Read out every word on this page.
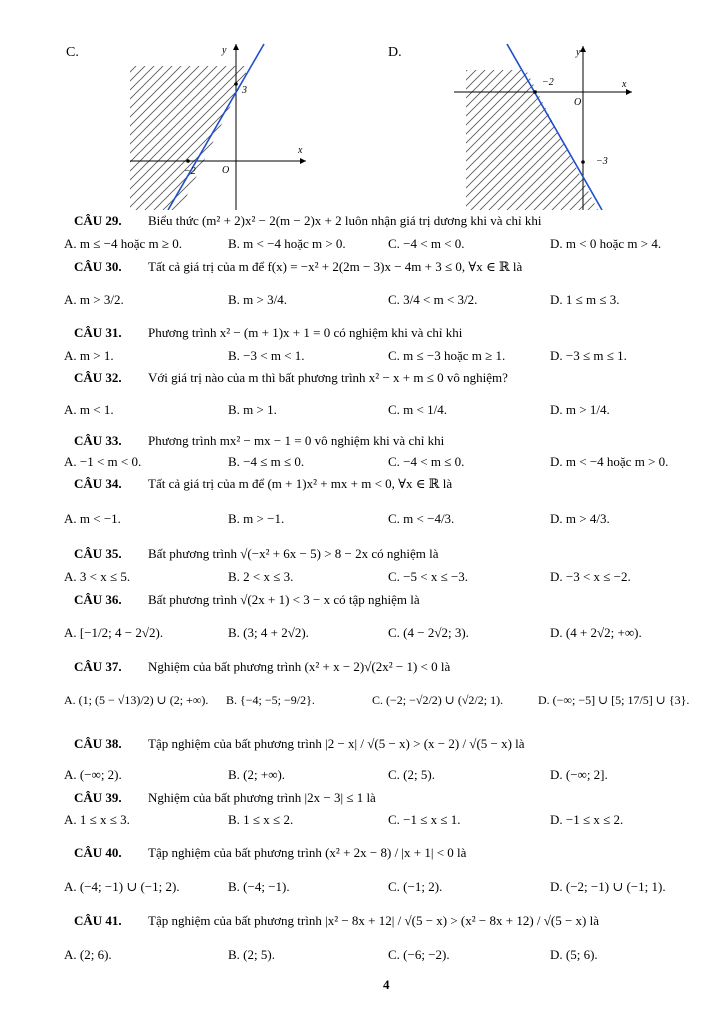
C.	y
x
3
−2	O
D.	y
x
−2
O
−3
CÂU 29. Biểu thức (m² + 2)x² − 2(m − 2)x + 2 luôn nhận giá trị dương khi và chỉ khi
A. m ≤ −4 hoặc m ≥ 0.	B. m < −4 hoặc m > 0.	C. −4 < m < 0.	D. m < 0 hoặc m > 4.
CÂU 30. Tất cả giá trị của m để f(x) = −x² + 2(2m − 3)x − 4m + 3 ≤ 0, ∀x ∈ ℝ là
A. m > 3/2.	B. m > 3/4.	C. 3/4 < m < 3/2.	D. 1 ≤ m ≤ 3.
CÂU 31. Phương trình x² − (m + 1)x + 1 = 0 có nghiệm khi và chỉ khi
A. m > 1.	B. −3 < m < 1.	C. m ≤ −3 hoặc m ≥ 1.	D. −3 ≤ m ≤ 1.
CÂU 32. Với giá trị nào của m thì bất phương trình x² − x + m ≤ 0 vô nghiệm?
A. m < 1.	B. m > 1.	C. m < 1/4.	D. m > 1/4.
CÂU 33. Phương trình mx² − mx − 1 = 0 vô nghiệm khi và chỉ khi
A. −1 < m < 0.	B. −4 ≤ m ≤ 0.	C. −4 < m ≤ 0.	D. m < −4 hoặc m > 0.
CÂU 34. Tất cả giá trị của m để (m + 1)x² + mx + m < 0, ∀x ∈ ℝ là
A. m < −1.	B. m > −1.	C. m < −4/3.	D. m > 4/3.
CÂU 35. Bất phương trình √(−x² + 6x − 5) > 8 − 2x có nghiệm là
A. 3 < x ≤ 5.	B. 2 < x ≤ 3.	C. −5 < x ≤ −3.	D. −3 < x ≤ −2.
CÂU 36. Bất phương trình √(2x + 1) < 3 − x có tập nghiệm là
A. [−1/2; 4 − 2√2).	B. (3; 4 + 2√2).	C. (4 − 2√2; 3).	D. (4 + 2√2; +∞).
CÂU 37. Nghiệm của bất phương trình (x² + x − 2)√(2x² − 1) < 0 là
A. (1; (5 − √13)/2) ∪ (2; +∞). B. {−4; −5; −9/2}.	C. (−2; −√2/2) ∪ (√2/2; 1).	D. (−∞; −5] ∪ [5; 17/5] ∪ {3}.
CÂU 38. Tập nghiệm của bất phương trình |2 − x| / √(5 − x) > (x − 2) / √(5 − x) là
A. (−∞; 2).	B. (2; +∞).	C. (2; 5).	D. (−∞; 2].
CÂU 39. Nghiệm của bất phương trình |2x − 3| ≤ 1 là
A. 1 ≤ x ≤ 3.	B. 1 ≤ x ≤ 2.	C. −1 ≤ x ≤ 1.	D. −1 ≤ x ≤ 2.
CÂU 40. Tập nghiệm của bất phương trình (x² + 2x − 8) / |x + 1| < 0 là
A. (−4; −1) ∪ (−1; 2).	B. (−4; −1).	C. (−1; 2).	D. (−2; −1) ∪ (−1; 1).
CÂU 41. Tập nghiệm của bất phương trình |x² − 8x + 12| / √(5 − x) > (x² − 8x + 12) / √(5 − x) là
A. (2; 6).	B. (2; 5).	C. (−6; −2).	D. (5; 6).
4
